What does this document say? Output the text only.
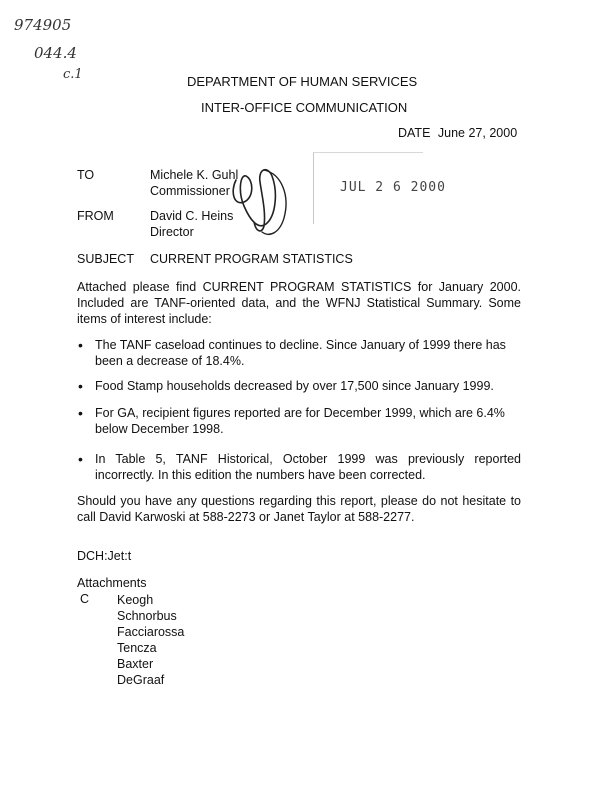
974905
044.4
c.1	DEPARTMENT OF HUMAN SERVICES
INTER-OFFICE COMMUNICATION
DATE June 27, 2000
TO	Michele K. Guhl
Commissioner
FROM	David C. Heins
Director
SUBJECT CURRENT PROGRAM STATISTICS
JUL 2 6 2000
Attached please find CURRENT PROGRAM STATISTICS for January 2000. Included are TANF-oriented data, and the WFNJ Statistical Summary. Some items of interest include:
• The TANF caseload continues to decline. Since January of 1999 there has been a decrease of 18.4%.
• Food Stamp households decreased by over 17,500 since January 1999.
• For GA, recipient figures reported are for December 1999, which are 6.4% below December 1998.
• In Table 5, TANF Historical, October 1999 was previously reported incorrectly. In this edition the numbers have been corrected.
Should you have any questions regarding this report, please do not hesitate to call David Karwoski at 588-2273 or Janet Taylor at 588-2277.
DCH:Jet:t
Attachments
C Keogh
Schnorbus
Facciarossa
Tencza
Baxter
DeGraaf
